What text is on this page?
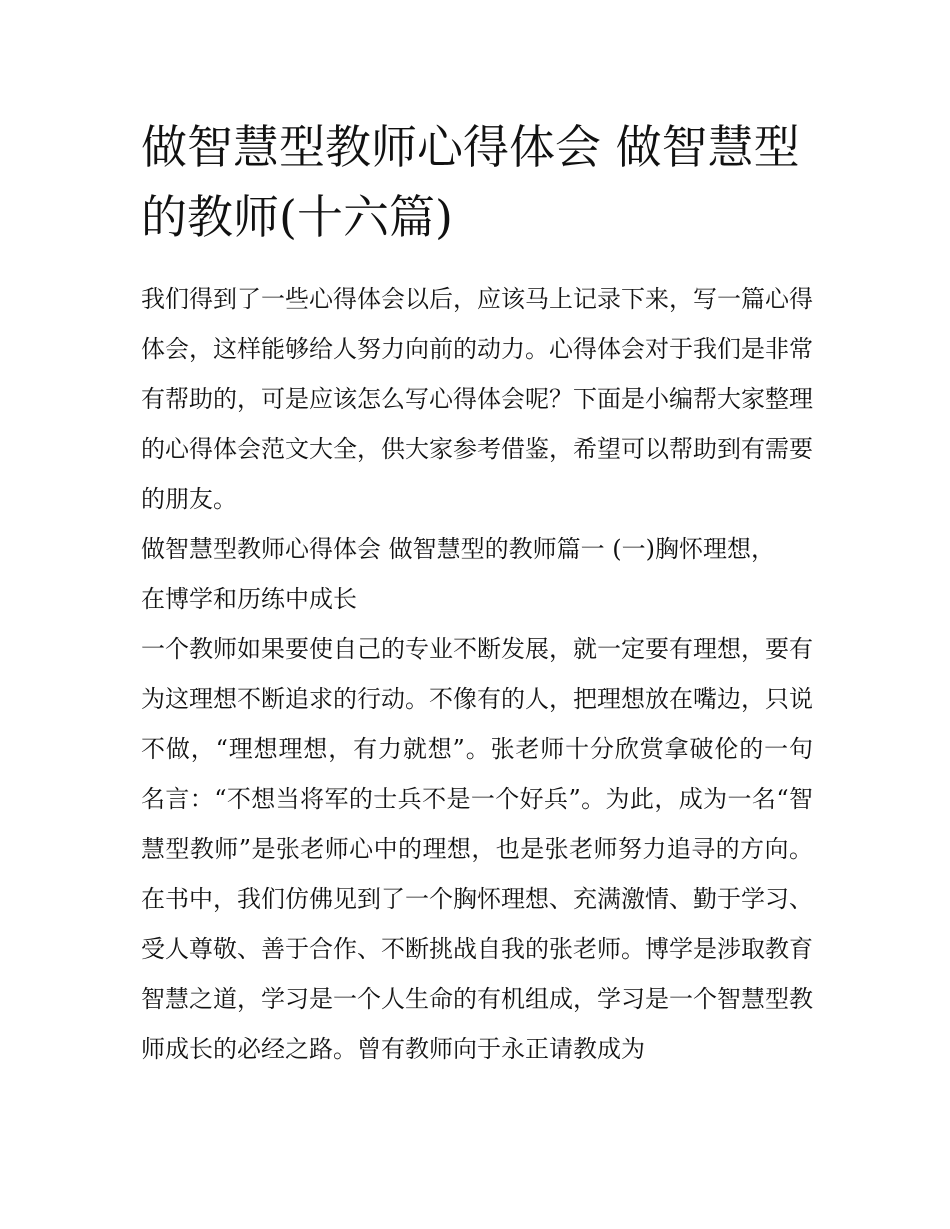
做智慧型教师心得体会 做智慧型的教师(十六篇)

我们得到了一些心得体会以后，应该马上记录下来，写一篇心得体会，这样能够给人努力向前的动力。心得体会对于我们是非常有帮助的，可是应该怎么写心得体会呢？下面是小编帮大家整理的心得体会范文大全，供大家参考借鉴，希望可以帮助到有需要的朋友。

做智慧型教师心得体会 做智慧型的教师篇一 (一)胸怀理想，

在博学和历练中成长

一个教师如果要使自己的专业不断发展，就一定要有理想，要有为这理想不断追求的行动。不像有的人，把理想放在嘴边，只说不做，“理想理想，有力就想”。张老师十分欣赏拿破伦的一句名言：“不想当将军的士兵不是一个好兵”。为此，成为一名“智慧型教师”是张老师心中的理想，也是张老师努力追寻的方向。在书中，我们仿佛见到了一个胸怀理想、充满激情、勤于学习、受人尊敬、善于合作、不断挑战自我的张老师。博学是涉取教育智慧之道，学习是一个人生命的有机组成，学习是一个智慧型教师成长的必经之路。曾有教师向于永正请教成为
